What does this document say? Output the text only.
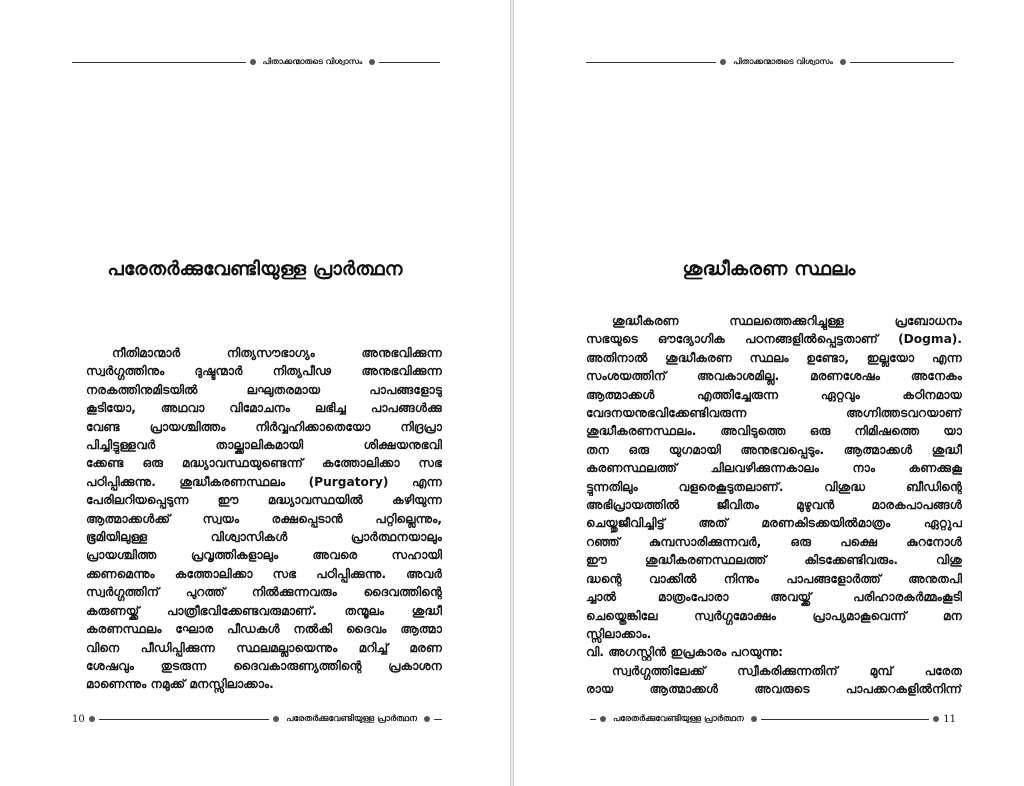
പിതാക്കന്മാരുടെ വിശ്വാസം
പരേതർക്കുവേണ്ടിയുള്ള പ്രാർത്ഥന
നീതിമാന്മാർ നിത്യസൗഭാഗ്യം അനുഭവിക്കുന്ന
സ്വർഗ്ഗത്തിനും ദുഷ്ടന്മാർ നിത്യപീഢ അനുഭവിക്കുന്ന
നരകത്തിനുമിടയിൽ ലഘുതരമായ പാപങ്ങളോടു
കൂടിയോ, അഥവാ വിമോചനം ലഭിച്ച പാപങ്ങൾക്കു
വേണ്ട പ്രായശ്ചിത്തം നിർവ്വഹിക്കാതെയോ നിദ്രപ്രാ
പിച്ചിട്ടുള്ളവർ താല്ക്കാലികമായി ശിക്ഷയനുഭവി
ക്കേണ്ട ഒരു മദ്ധ്യാവസ്ഥയുണ്ടെന്ന് കത്തോലിക്കാ സഭ
പഠിപ്പിക്കുന്നു. ശുദ്ധീകരണസ്ഥലം (Purgatory) എന്ന
പേരിലറിയപ്പെടുന്ന ഈ മദ്ധ്യാവസ്ഥയിൽ കഴിയുന്ന
ആത്മാക്കൾക്ക് സ്വയം രക്ഷപ്പെടാൻ പറ്റില്ലെന്നും,
ഭൂമിയിലുള്ള വിശ്വാസികൾ പ്രാർത്ഥനയാലും
പ്രായശ്ചിത്ത പ്രവൃത്തികളാലും അവരെ സഹായി
ക്കണമെന്നും കത്തോലിക്കാ സഭ പഠിപ്പിക്കുന്നു. അവർ
സ്വർഗ്ഗത്തിന് പുറത്ത് നിൽക്കുന്നവരും ദൈവത്തിന്റെ
കരുണയ്ക്ക് പാത്രീഭവിക്കേണ്ടവരുമാണ്. തന്മൂലം ശുദ്ധീ
കരണസ്ഥലം ഘോര പീഡകൾ നൽകി ദൈവം ആത്മാ
വിനെ പീഡിപ്പിക്കുന്ന സ്ഥലമല്ലായെന്നും മറിച്ച് മരണ
ശേഷവും തുടരുന്ന ദൈവകാരുണ്യത്തിന്റെ പ്രകാശന
മാണെന്നും നമുക്ക് മനസ്സിലാക്കാം.
10	പരേതർക്കുവേണ്ടിയുള്ള പ്രാർത്ഥന
പിതാക്കന്മാരുടെ വിശ്വാസം
ശുദ്ധീകരണ സ്ഥലം
ശുദ്ധീകരണ സ്ഥലത്തെക്കുറിച്ചുള്ള പ്രബോധനം
സഭയുടെ ഔദ്യോഗിക പഠനങ്ങളിൽപ്പെട്ടതാണ് (Dogma).
അതിനാൽ ശുദ്ധീകരണ സ്ഥലം ഉണ്ടോ, ഇല്ലയോ എന്ന
സംശയത്തിന് അവകാശമില്ല. മരണശേഷം അനേകം
ആത്മാക്കൾ എത്തിച്ചേരുന്ന ഏറ്റവും കഠിനമായ
വേദനയനുഭവിക്കേണ്ടിവരുന്ന അഗ്നിത്തടവറയാണ്
ശുദ്ധീകരണസ്ഥലം. അവിടുത്തെ ഒരു നിമിഷത്തെ യാ
തന ഒരു യുഗമായി അനുഭവപ്പെടും. ആത്മാക്കൾ ശുദ്ധീ
കരണസ്ഥലത്ത് ചിലവഴിക്കുന്നകാലം നാം കണക്കുകൂ
ട്ടുന്നതിലും വളരെകൂടുതലാണ്. വിശുദ്ധ ബീഡിന്റെ
അഭിപ്രായത്തിൽ ജീവിതം മുഴുവൻ മാരകപാപങ്ങൾ
ചെയ്തുജീവിച്ചിട്ട് അത് മരണകിടക്കയിൽമാത്രം ഏറ്റുപ
റഞ്ഞ് കുമ്പസാരിക്കുന്നവർ, ഒരു പക്ഷെ കുറനോൾ
ഈ ശുദ്ധീകരണസ്ഥലത്ത് കിടക്കേണ്ടിവരും. വിശു
ദ്ധന്റെ വാക്കിൽ നിന്നും പാപങ്ങളോർത്ത് അനുതപി
ച്ചാൽ മാത്രംപോരാ അവയ്ക്ക് പരിഹാരകർമ്മംകൂടി
ചെയ്തെങ്കിലേ സ്വർഗ്ഗമോക്ഷം പ്രാപ്യമാകൂവെന്ന് മന
സ്സിലാക്കാം.
വി. അഗസ്റ്റിൻ ഇപ്രകാരം പറയുന്നു:
സ്വർഗ്ഗത്തിലേക്ക് സ്വീകരിക്കുന്നതിന് മുമ്പ് പരേത
രായ ആത്മാക്കൾ അവരുടെ പാപക്കറകളിൽനിന്ന്
പരേതർക്കുവേണ്ടിയുള്ള പ്രാർത്ഥന	11
